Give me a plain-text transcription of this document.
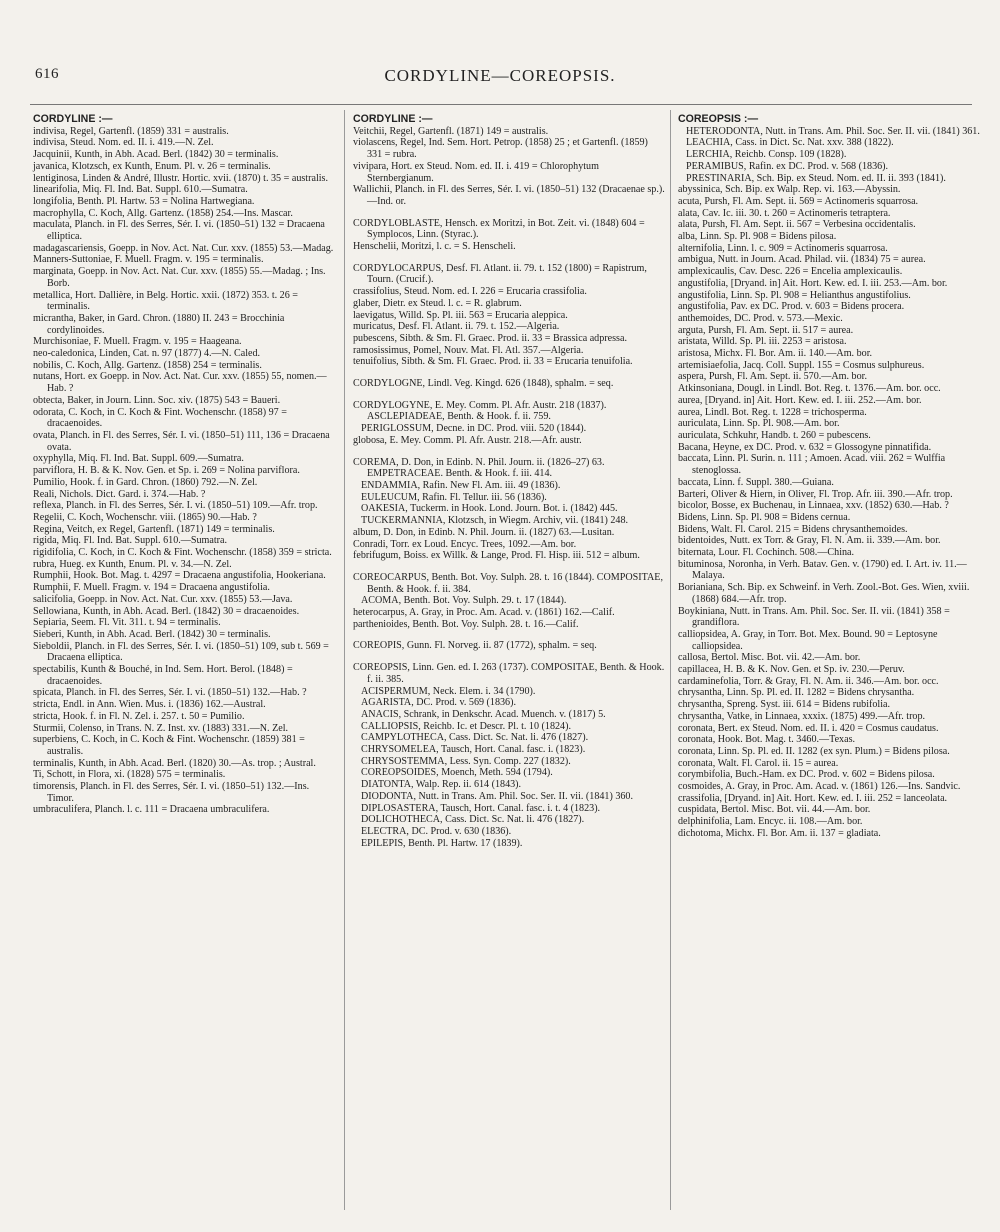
616	CORDYLINE—COREOPSIS.

CORDYLINE :—

indivisa, Regel, Gartenfl. (1859) 331 = australis.

indivisa, Steud. Nom. ed. II. i. 419.—N. Zel.

Jacquinii, Kunth, in Abh. Acad. Berl. (1842) 30 = terminalis.

javanica, Klotzsch, ex Kunth, Enum. Pl. v. 26 = terminalis.

lentiginosa, Linden & André, Illustr. Hortic. xvii. (1870) t. 35 = australis.

linearifolia, Miq. Fl. Ind. Bat. Suppl. 610.—Sumatra.

longifolia, Benth. Pl. Hartw. 53 = Nolina Hartwegiana.

macrophylla, C. Koch, Allg. Gartenz. (1858) 254.—Ins. Mascar.

maculata, Planch. in Fl. des Serres, Sér. I. vi. (1850–51) 132 = Dracaena elliptica.

madagascariensis, Goepp. in Nov. Act. Nat. Cur. xxv. (1855) 53.—Madag.

Manners-Suttoniae, F. Muell. Fragm. v. 195 = terminalis.

marginata, Goepp. in Nov. Act. Nat. Cur. xxv. (1855) 55.—Madag. ; Ins. Borb.

metallica, Hort. Dallière, in Belg. Hortic. xxii. (1872) 353. t. 26 = terminalis.

micrantha, Baker, in Gard. Chron. (1880) II. 243 = Brocchinia cordylinoides.

Murchisoniae, F. Muell. Fragm. v. 195 = Haageana.

neo-caledonica, Linden, Cat. n. 97 (1877) 4.—N. Caled.

nobilis, C. Koch, Allg. Gartenz. (1858) 254 = terminalis.

nutans, Hort. ex Goepp. in Nov. Act. Nat. Cur. xxv. (1855) 55, nomen.—Hab. ?

obtecta, Baker, in Journ. Linn. Soc. xiv. (1875) 543 = Baueri.

odorata, C. Koch, in C. Koch & Fint. Wochenschr. (1858) 97 = dracaenoides.

ovata, Planch. in Fl. des Serres, Sér. I. vi. (1850–51) 111, 136 = Dracaena ovata.

oxyphylla, Miq. Fl. Ind. Bat. Suppl. 609.—Sumatra.

parviflora, H. B. & K. Nov. Gen. et Sp. i. 269 = Nolina parviflora.

Pumilio, Hook. f. in Gard. Chron. (1860) 792.—N. Zel.

Reali, Nichols. Dict. Gard. i. 374.—Hab. ?

reflexa, Planch. in Fl. des Serres, Sér. I. vi. (1850–51) 109.—Afr. trop.

Regelii, C. Koch, Wochenschr. viii. (1865) 90.—Hab. ?

Regina, Veitch, ex Regel, Gartenfl. (1871) 149 = terminalis.

rigida, Miq. Fl. Ind. Bat. Suppl. 610.—Sumatra.

rigidifolia, C. Koch, in C. Koch & Fint. Wochenschr. (1858) 359 = stricta.

rubra, Hueg. ex Kunth, Enum. Pl. v. 34.—N. Zel.

Rumphii, Hook. Bot. Mag. t. 4297 = Dracaena angustifolia, Hookeriana.

Rumphii, F. Muell. Fragm. v. 194 = Dracaena angustifolia.

salicifolia, Goepp. in Nov. Act. Nat. Cur. xxv. (1855) 53.—Java.

Sellowiana, Kunth, in Abh. Acad. Berl. (1842) 30 = dracaenoides.

Sepiaria, Seem. Fl. Vit. 311. t. 94 = terminalis.

Sieberi, Kunth, in Abh. Acad. Berl. (1842) 30 = terminalis.

Sieboldii, Planch. in Fl. des Serres, Sér. I. vi. (1850–51) 109, sub t. 569 = Dracaena elliptica.

spectabilis, Kunth & Bouché, in Ind. Sem. Hort. Berol. (1848) = dracaenoides.

spicata, Planch. in Fl. des Serres, Sér. I. vi. (1850–51) 132.—Hab. ?

stricta, Endl. in Ann. Wien. Mus. i. (1836) 162.—Austral.

stricta, Hook. f. in Fl. N. Zel. i. 257. t. 50 = Pumilio.

Sturmii, Colenso, in Trans. N. Z. Inst. xv. (1883) 331.—N. Zel.

superbiens, C. Koch, in C. Koch & Fint. Wochenschr. (1859) 381 = australis.

terminalis, Kunth, in Abh. Acad. Berl. (1820) 30.—As. trop. ; Austral.

Ti, Schott, in Flora, xi. (1828) 575 = terminalis.

timorensis, Planch. in Fl. des Serres, Sér. I. vi. (1850–51) 132.—Ins. Timor.

umbraculifera, Planch. l. c. 111 = Dracaena umbraculifera.

CORDYLINE :—

Veitchii, Regel, Gartenfl. (1871) 149 = australis.

violascens, Regel, Ind. Sem. Hort. Petrop. (1858) 25 ; et Gartenfl. (1859) 331 = rubra.

vivipara, Hort. ex Steud. Nom. ed. II. i. 419 = Chlorophytum Sternbergianum.

Wallichii, Planch. in Fl. des Serres, Sér. I. vi. (1850–51) 132 (Dracaenae sp.).—Ind. or.

CORDYLOBLASTE, Hensch. ex Moritzi, in Bot. Zeit. vi. (1848) 604 = Symplocos, Linn. (Styrac.).

Henschelii, Moritzi, l. c. = S. Henscheli.

CORDYLOCARPUS, Desf. Fl. Atlant. ii. 79. t. 152 (1800) = Rapistrum, Tourn. (Crucif.).

crassifolius, Steud. Nom. ed. I. 226 = Erucaria crassifolia.

glaber, Dietr. ex Steud. l. c. = R. glabrum.

laevigatus, Willd. Sp. Pl. iii. 563 = Erucaria aleppica.

muricatus, Desf. Fl. Atlant. ii. 79. t. 152.—Algeria.

pubescens, Sibth. & Sm. Fl. Graec. Prod. ii. 33 = Brassica adpressa.

ramosissimus, Pomel, Nouv. Mat. Fl. Atl. 357.—Algeria.

tenuifolius, Sibth. & Sm. Fl. Graec. Prod. ii. 33 = Erucaria tenuifolia.

CORDYLOGNE, Lindl. Veg. Kingd. 626 (1848), sphalm. = seq.

CORDYLOGYNE, E. Mey. Comm. Pl. Afr. Austr. 218 (1837). ASCLEPIADEAE, Benth. & Hook. f. ii. 759.

PERIGLOSSUM, Decne. in DC. Prod. viii. 520 (1844).

globosa, E. Mey. Comm. Pl. Afr. Austr. 218.—Afr. austr.

COREMA, D. Don, in Edinb. N. Phil. Journ. ii. (1826–27) 63. EMPETRACEAE. Benth. & Hook. f. iii. 414.

ENDAMMIA, Rafin. New Fl. Am. iii. 49 (1836).

EULEUCUM, Rafin. Fl. Tellur. iii. 56 (1836).

OAKESIA, Tuckerm. in Hook. Lond. Journ. Bot. i. (1842) 445.

TUCKERMANNIA, Klotzsch, in Wiegm. Archiv, vii. (1841) 248.

album, D. Don, in Edinb. N. Phil. Journ. ii. (1827) 63.—Lusitan.

Conradi, Torr. ex Loud. Encyc. Trees, 1092.—Am. bor.

febrifugum, Boiss. ex Willk. & Lange, Prod. Fl. Hisp. iii. 512 = album.

COREOCARPUS, Benth. Bot. Voy. Sulph. 28. t. 16 (1844). COMPOSITAE, Benth. & Hook. f. ii. 384.

ACOMA, Benth. Bot. Voy. Sulph. 29. t. 17 (1844).

heterocarpus, A. Gray, in Proc. Am. Acad. v. (1861) 162.—Calif.

parthenioides, Benth. Bot. Voy. Sulph. 28. t. 16.—Calif.

COREOPIS, Gunn. Fl. Norveg. ii. 87 (1772), sphalm. = seq.

COREOPSIS, Linn. Gen. ed. I. 263 (1737). COMPOSITAE, Benth. & Hook. f. ii. 385.

ACISPERMUM, Neck. Elem. i. 34 (1790).

AGARISTA, DC. Prod. v. 569 (1836).

ANACIS, Schrank, in Denkschr. Acad. Muench. v. (1817) 5.

CALLIOPSIS, Reichb. Ic. et Descr. Pl. t. 10 (1824).

CAMPYLOTHECA, Cass. Dict. Sc. Nat. li. 476 (1827).

CHRYSOMELEA, Tausch, Hort. Canal. fasc. i. (1823).

CHRYSOSTEMMA, Less. Syn. Comp. 227 (1832).

COREOPSOIDES, Moench, Meth. 594 (1794).

DIATONTA, Walp. Rep. ii. 614 (1843).

DIODONTA, Nutt. in Trans. Am. Phil. Soc. Ser. II. vii. (1841) 360.

DIPLOSASTERA, Tausch, Hort. Canal. fasc. i. t. 4 (1823).

DOLICHOTHECA, Cass. Dict. Sc. Nat. li. 476 (1827).

ELECTRA, DC. Prod. v. 630 (1836).

EPILEPIS, Benth. Pl. Hartw. 17 (1839).

COREOPSIS :—

HETERODONTA, Nutt. in Trans. Am. Phil. Soc. Ser. II. vii. (1841) 361.

LEACHIA, Cass. in Dict. Sc. Nat. xxv. 388 (1822).

LERCHIA, Reichb. Consp. 109 (1828).

PERAMIBUS, Rafin. ex DC. Prod. v. 568 (1836).

PRESTINARIA, Sch. Bip. ex Steud. Nom. ed. II. ii. 393 (1841).

abyssinica, Sch. Bip. ex Walp. Rep. vi. 163.—Abyssin.

acuta, Pursh, Fl. Am. Sept. ii. 569 = Actinomeris squarrosa.

alata, Cav. Ic. iii. 30. t. 260 = Actinomeris tetraptera.

alata, Pursh, Fl. Am. Sept. ii. 567 = Verbesina occidentalis.

alba, Linn. Sp. Pl. 908 = Bidens pilosa.

alternifolia, Linn. l. c. 909 = Actinomeris squarrosa.

ambigua, Nutt. in Journ. Acad. Philad. vii. (1834) 75 = aurea.

amplexicaulis, Cav. Desc. 226 = Encelia amplexicaulis.

angustifolia, [Dryand. in] Ait. Hort. Kew. ed. I. iii. 253.—Am. bor.

angustifolia, Linn. Sp. Pl. 908 = Helianthus angustifolius.

angustifolia, Pav. ex DC. Prod. v. 603 = Bidens procera.

anthemoides, DC. Prod. v. 573.—Mexic.

arguta, Pursh, Fl. Am. Sept. ii. 517 = aurea.

aristata, Willd. Sp. Pl. iii. 2253 = aristosa.

aristosa, Michx. Fl. Bor. Am. ii. 140.—Am. bor.

artemisiaefolia, Jacq. Coll. Suppl. 155 = Cosmus sulphureus.

aspera, Pursh, Fl. Am. Sept. ii. 570.—Am. bor.

Atkinsoniana, Dougl. in Lindl. Bot. Reg. t. 1376.—Am. bor. occ.

aurea, [Dryand. in] Ait. Hort. Kew. ed. I. iii. 252.—Am. bor.

aurea, Lindl. Bot. Reg. t. 1228 = trichosperma.

auriculata, Linn. Sp. Pl. 908.—Am. bor.

auriculata, Schkuhr, Handb. t. 260 = pubescens.

Bacana, Heyne, ex DC. Prod. v. 632 = Glossogyne pinnatifida.

baccata, Linn. Pl. Surin. n. 111 ; Amoen. Acad. viii. 262 = Wulffia stenoglossa.

baccata, Linn. f. Suppl. 380.—Guiana.

Barteri, Oliver & Hiern, in Oliver, Fl. Trop. Afr. iii. 390.—Afr. trop.

bicolor, Bosse, ex Buchenau, in Linnaea, xxv. (1852) 630.—Hab. ?

Bidens, Linn. Sp. Pl. 908 = Bidens cernua.

Bidens, Walt. Fl. Carol. 215 = Bidens chrysanthemoides.

bidentoides, Nutt. ex Torr. & Gray, Fl. N. Am. ii. 339.—Am. bor.

biternata, Lour. Fl. Cochinch. 508.—China.

bituminosa, Noronha, in Verh. Batav. Gen. v. (1790) ed. I. Art. iv. 11.—Malaya.

Borianiana, Sch. Bip. ex Schweinf. in Verh. Zool.-Bot. Ges. Wien, xviii. (1868) 684.—Afr. trop.

Boykiniana, Nutt. in Trans. Am. Phil. Soc. Ser. II. vii. (1841) 358 = grandiflora.

calliopsidea, A. Gray, in Torr. Bot. Mex. Bound. 90 = Leptosyne calliopsidea.

callosa, Bertol. Misc. Bot. vii. 42.—Am. bor.

capillacea, H. B. & K. Nov. Gen. et Sp. iv. 230.—Peruv.

cardaminefolia, Torr. & Gray, Fl. N. Am. ii. 346.—Am. bor. occ.

chrysantha, Linn. Sp. Pl. ed. II. 1282 = Bidens chrysantha.

chrysantha, Spreng. Syst. iii. 614 = Bidens rubifolia.

chrysantha, Vatke, in Linnaea, xxxix. (1875) 499.—Afr. trop.

coronata, Bert. ex Steud. Nom. ed. II. i. 420 = Cosmus caudatus.

coronata, Hook. Bot. Mag. t. 3460.—Texas.

coronata, Linn. Sp. Pl. ed. II. 1282 (ex syn. Plum.) = Bidens pilosa.

coronata, Walt. Fl. Carol. ii. 15 = aurea.

corymbifolia, Buch.-Ham. ex DC. Prod. v. 602 = Bidens pilosa.

cosmoides, A. Gray, in Proc. Am. Acad. v. (1861) 126.—Ins. Sandvic.

crassifolia, [Dryand. in] Ait. Hort. Kew. ed. I. iii. 252 = lanceolata.

cuspidata, Bertol. Misc. Bot. vii. 44.—Am. bor.

delphinifolia, Lam. Encyc. ii. 108.—Am. bor.

dichotoma, Michx. Fl. Bor. Am. ii. 137 = gladiata.
